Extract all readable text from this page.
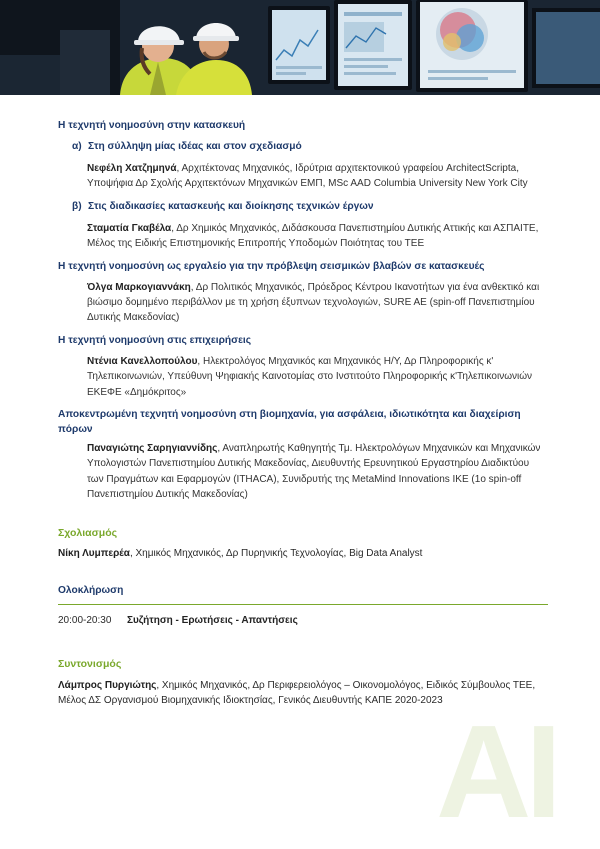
Η τεχνητή νοημοσύνη στην κατασκευή

α) Στη σύλληψη μίας ιδέας και στον σχεδιασμό
Νεφέλη Χατζημηνά, Αρχιτέκτονας Μηχανικός, Ιδρύτρια αρχιτεκτονικού γραφείου ArchitectScripta, Υποψήφια Δρ Σχολής Αρχιτεκτόνων Μηχανικών ΕΜΠ, MSc AAD Columbia University New York City
β) Στις διαδικασίες κατασκευής και διοίκησης τεχνικών έργων
Σταματία Γκαβέλα, Δρ Χημικός Μηχανικός, Διδάσκουσα Πανεπιστημίου Δυτικής Αττικής και ΑΣΠΑΙΤΕ, Μέλος της Ειδικής Επιστημονικής Επιτροπής Υποδομών Ποιότητας του ΤΕΕ

Η τεχνητή νοημοσύνη ως εργαλείο για την πρόβλεψη σεισμικών βλαβών σε κατασκευές

Όλγα Μαρκογιαννάκη, Δρ Πολιτικός Μηχανικός, Πρόεδρος Κέντρου Ικανοτήτων για ένα ανθεκτικό και βιώσιμο δομημένο περιβάλλον με τη χρήση έξυπνων τεχνολογιών, SURE AE (spin-off Πανεπιστημίου Δυτικής Μακεδονίας)

Η τεχνητή νοημοσύνη στις επιχειρήσεις

Ντένια Κανελλοπούλου, Ηλεκτρολόγος Μηχανικός και Μηχανικός Η/Υ, Δρ Πληροφορικής κ' Τηλεπικοινωνιών, Υπεύθυνη Ψηφιακής Καινοτομίας στο Ινστιτούτο Πληροφορικής κ'Τηλεπικοινωνιών ΕΚΕΦΕ «Δημόκριτος»

Αποκεντρωμένη τεχνητή νοημοσύνη στη βιομηχανία, για ασφάλεια, ιδιωτικότητα και διαχείριση πόρων

Παναγιώτης Σαρηγιαννίδης, Αναπληρωτής Καθηγητής Τμ. Ηλεκτρολόγων Μηχανικών και Μηχανικών Υπολογιστών Πανεπιστημίου Δυτικής Μακεδονίας, Διευθυντής Ερευνητικού Εργαστηρίου Διαδικτύου των Πραγμάτων και Εφαρμογών (ITHACA), Συνιδρυτής της MetaMind Innovations IKE (1o spin-off Πανεπιστημίου Δυτικής Μακεδονίας)
Σχολιασμός
Νίκη Λυμπερέα, Χημικός Μηχανικός, Δρ Πυρηνικής Τεχνολογίας, Big Data Analyst
Ολοκλήρωση
20:00-20:30 Συζήτηση - Ερωτήσεις - Απαντήσεις
Συντονισμός
Λάμπρος Πυργιώτης, Χημικός Μηχανικός, Δρ Περιφερειολόγος – Οικονομολόγος, Ειδικός Σύμβουλος ΤΕΕ, Μέλος ΔΣ Οργανισμού Βιομηχανικής Ιδιοκτησίας, Γενικός Διευθυντής ΚΑΠΕ 2020-2023
AI
